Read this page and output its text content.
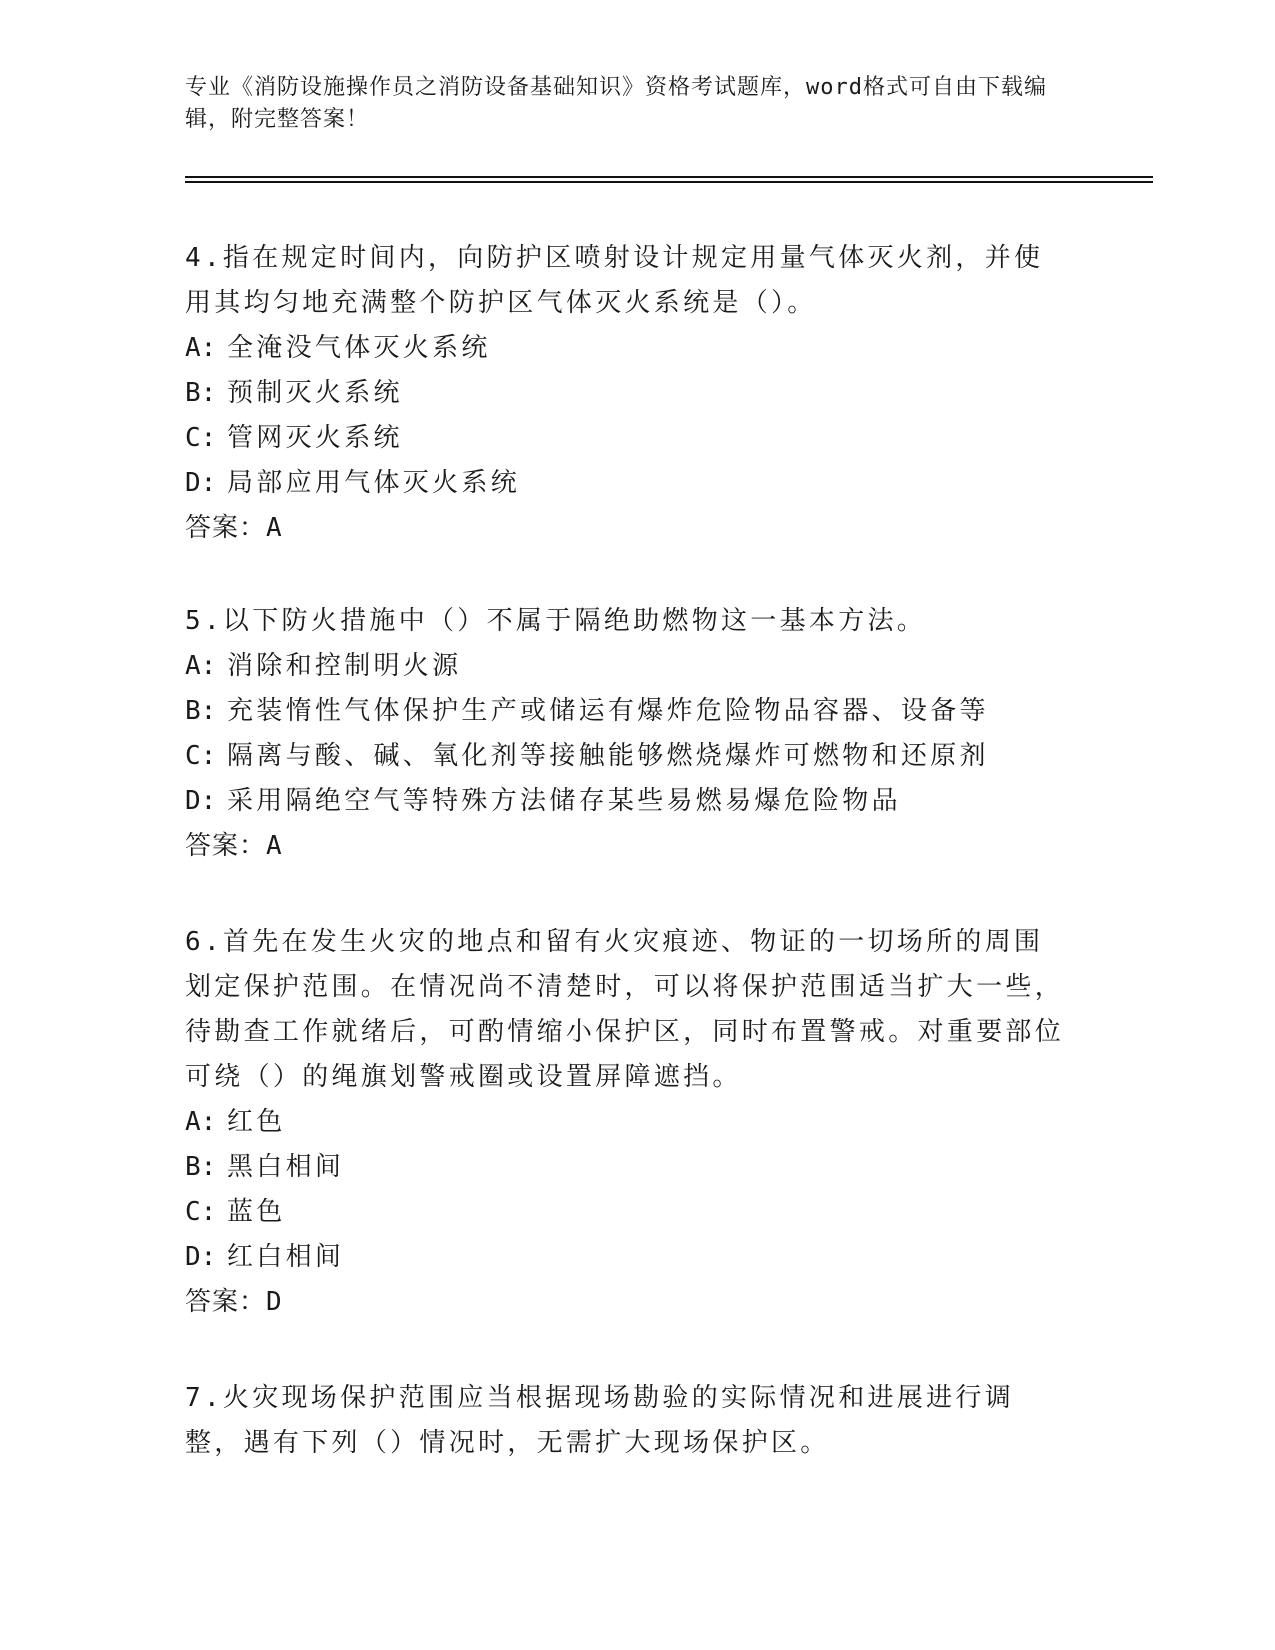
专业《消防设施操作员之消防设备基础知识》资格考试题库，word格式可自由下载编辑，附完整答案！
4.指在规定时间内，向防护区喷射设计规定用量气体灭火剂，并使用其均匀地充满整个防护区气体灭火系统是（）。
A: 全淹没气体灭火系统
B: 预制灭火系统
C: 管网灭火系统
D: 局部应用气体灭火系统
答案：A
5.以下防火措施中（）不属于隔绝助燃物这一基本方法。
A: 消除和控制明火源
B: 充装惰性气体保护生产或储运有爆炸危险物品容器、设备等
C: 隔离与酸、碱、氧化剂等接触能够燃烧爆炸可燃物和还原剂
D: 采用隔绝空气等特殊方法储存某些易燃易爆危险物品
答案：A
6.首先在发生火灾的地点和留有火灾痕迹、物证的一切场所的周围划定保护范围。在情况尚不清楚时，可以将保护范围适当扩大一些，待勘查工作就绪后，可酌情缩小保护区，同时布置警戒。对重要部位可绕（）的绳旗划警戒圈或设置屏障遮挡。
A: 红色
B: 黑白相间
C: 蓝色
D: 红白相间
答案：D
7.火灾现场保护范围应当根据现场勘验的实际情况和进展进行调整，遇有下列（）情况时，无需扩大现场保护区。
